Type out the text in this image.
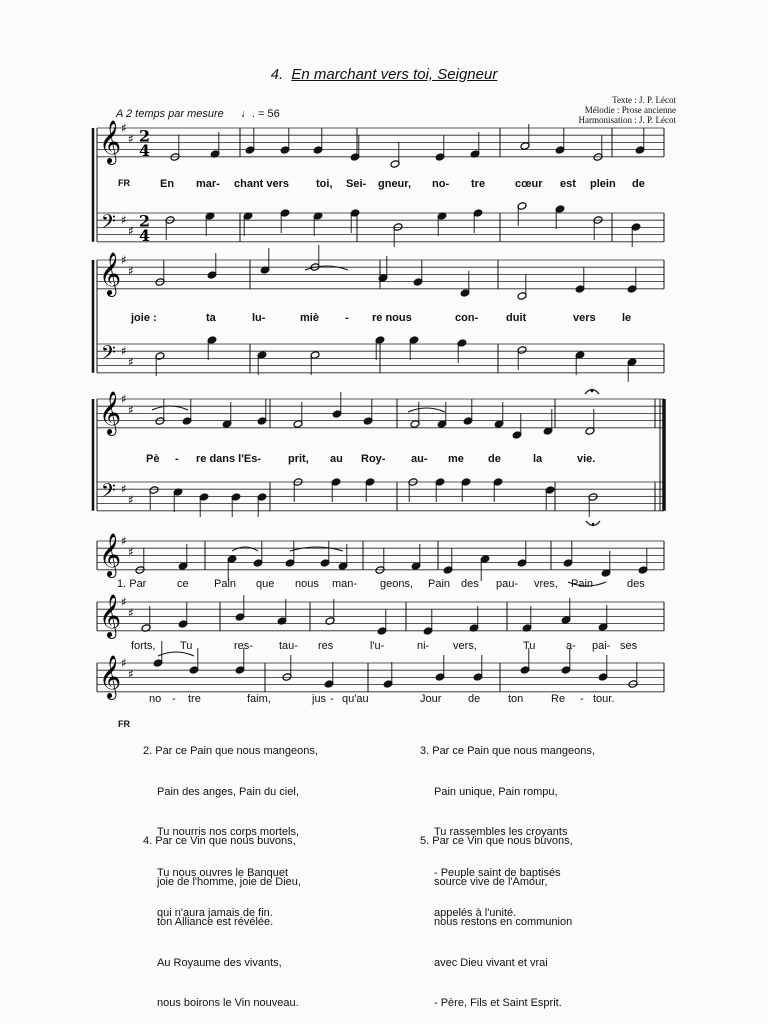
4. En marchant vers toi, Seigneur
Texte : J. P. Lécot
Mélodie : Prose ancienne
Harmonisation : J. P. Lécot
A 2 temps par mesure ♩. = 56
𝄞
𝄢
♯
♯
♯
♯
2
4
2
4
𝄞
𝄢
♯
♯
♯
♯
𝄞
𝄢
♯
♯
♯
♯
𝄞 ♯
♯
𝄞 ♯
♯
𝄞 ♯
♯
FR
FR
En mar- chant vers toi, Sei- gneur, no- tre	cœur est plein de
joie :	ta	lu-	miè - re nous	con-	duit	vers le
Pè - re dans l'Es- prit, au Roy- au- me de	la	vie.
1. Par	ce Pain que nous man- geons, Pain des pau- vres, Pain	des
forts, Tu	res- tau- res	l'u-	ni- vers,	Tu	a- pai- ses
no - tre	faim,	jus - qu'au	Jour de	ton	Re - tour.

2. Par ce Pain que nous mangeons,

Pain des anges, Pain du ciel,

Tu nourris nos corps mortels,

Tu nous ouvres le Banquet

qui n'aura jamais de fin.

3. Par ce Pain que nous mangeons,

Pain unique, Pain rompu,

Tu rassembles les croyants

- Peuple saint de baptisés

appelés à l'unité.

4. Par ce Vin que nous buvons,

joie de l'homme, joie de Dieu,

ton Alliance est révélée.

Au Royaume des vivants,

nous boirons le Vin nouveau.

5. Par ce Vin que nous buvons,

source vive de l'Amour,

nous restons en communion

avec Dieu vivant et vrai

- Père, Fils et Saint Esprit.
